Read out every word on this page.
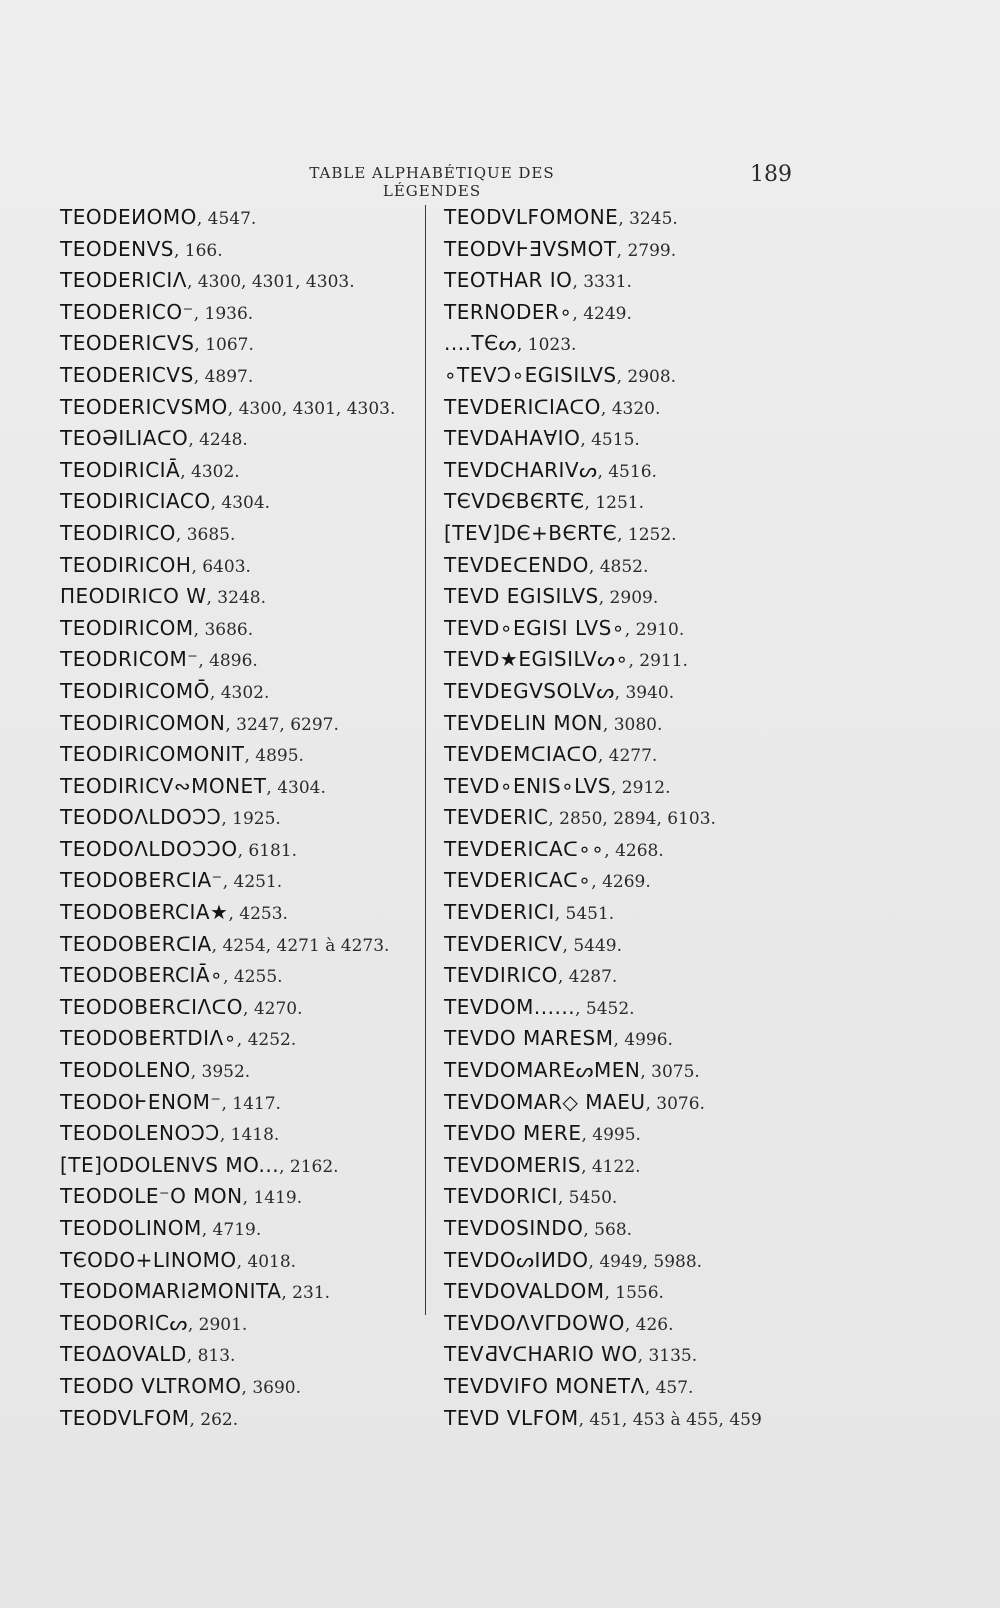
TABLE ALPHABÉTIQUE DES LÉGENDES
189
TEODEИOMO, 4547.
TEODENVS, 166.
TEODERICIΛ, 4300, 4301, 4303.
TEODERICO⁻, 1936.
TEODERIᑕVS, 1067.
TEODERICVS, 4897.
TEODERICVSMO, 4300, 4301, 4303.
TEOƏILIAᑕO, 4248.
TEODIRICIĀ, 4302.
TEODIRICIACO, 4304.
TEODIRICO, 3685.
TEODIRICOH, 6403.
ΠEODIRIᑕO W, 3248.
TEODIRICOM, 3686.
TEODRICOM⁻, 4896.
TEODIRICOMŌ, 4302.
TEODIRICOMON, 3247, 6297.
TEODIRICOMONIT, 4895.
TEODIRICV∾MONET, 4304.
TEODOΛLDOƆƆ, 1925.
TEODOΛLDOƆƆO, 6181.
TEODOBERᑕIA⁻, 4251.
TEODOBERCIA★, 4253.
TEODOBERᑕIA, 4254, 4271 à 4273.
TEODOBERCIĀ∘, 4255.
TEODOBERᑕIΛᑕO, 4270.
TEODOBERTDIΛ∘, 4252.
TEODOLENO, 3952.
TEODOⱵENOM⁻, 1417.
TEODOLENOƆƆ, 1418.
[TE]ODOLENVS MO..., 2162.
TEODOLE⁻O MON, 1419.
TEODOLINOM, 4719.
TЄODO+LINOMO, 4018.
TEODOMARIƧMONITA, 231.
TEODORICᔕ, 2901.
TEOΔOVALD, 813.
TEODO VLTROMO, 3690.
TEODVLFOM, 262.
TEODVLFOMONE, 3245.
TEODVⱵƎVSMOT, 2799.
TEOTHAR IO, 3331.
TERNODER∘, 4249.
....TЄᔕ, 1023.
∘TEVƆ∘EGISILVS, 2908.
TEVDERIᑕIAᑕO, 4320.
TEVDAHAⱯIO, 4515.
TEVDCHARIVᔕ, 4516.
TЄVDЄBЄRTЄ, 1251.
[TEV]DЄ+BЄRTЄ, 1252.
TEVDEᑕENDO, 4852.
TEVD EGISILVS, 2909.
TEVD∘EGISI LVS∘, 2910.
TEVD★EGISILVᔕ∘, 2911.
TEVDEGVSOLVᔕ, 3940.
TEVDELIN MON, 3080.
TEVDEMᑕIAᑕO, 4277.
TEVD∘ENIS∘LVS, 2912.
TEVDERIC, 2850, 2894, 6103.
TEVDERIᑕAᑕ∘∘, 4268.
TEVDERIᑕAᑕ∘, 4269.
TEVDERICI, 5451.
TEVDERICV, 5449.
TEVDIRICO, 4287.
TEVDOM......, 5452.
TEVDO MARESM, 4996.
TEVDOMAREᔕMEN, 3075.
TEVDOMAR◇ MAEU, 3076.
TEVDO MERE, 4995.
TEVDOMERIS, 4122.
TEVDORICI, 5450.
TEVDOSINDO, 568.
TEVDOᔕIИDO, 4949, 5988.
TEVDOVALDOM, 1556.
TEVDOΛVΓDOWO, 426.
TEVƋVᑕHARIO WO, 3135.
TEVDVIFO MONETΛ, 457.
TEVD VLFOM, 451, 453 à 455, 459
